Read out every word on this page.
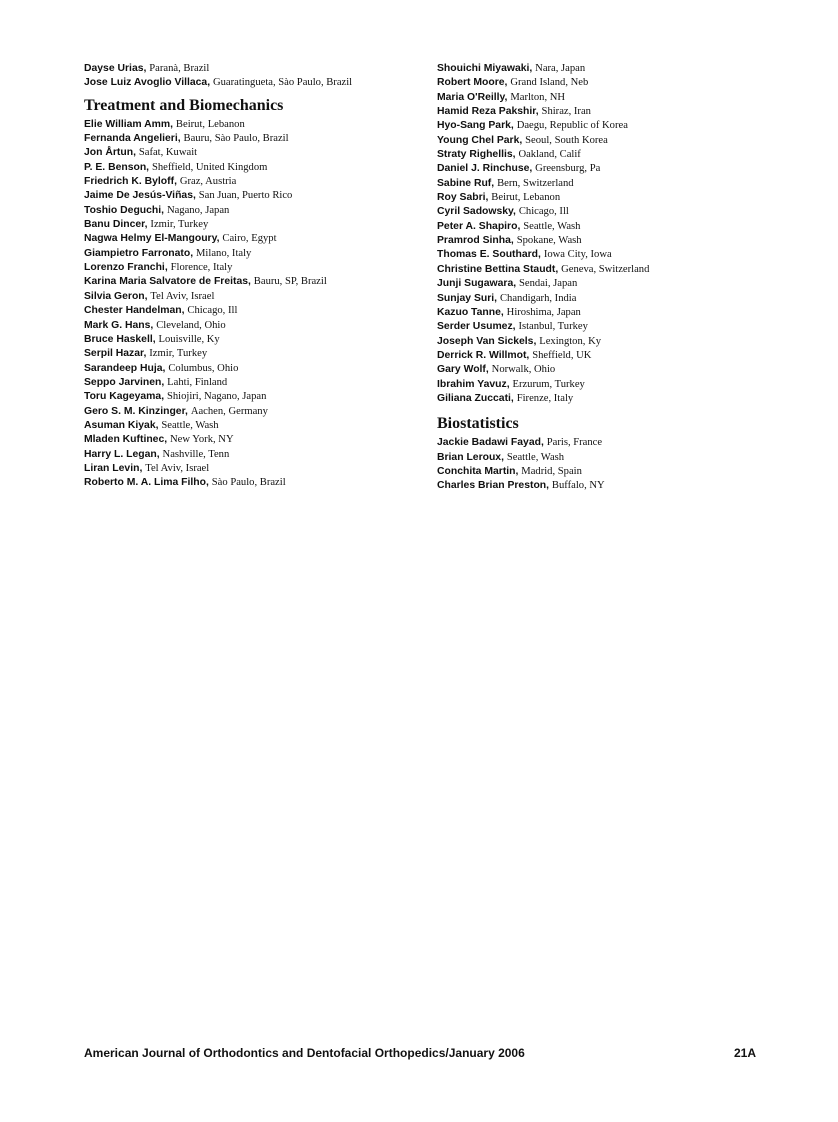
Dayse Urias, Paranà, Brazil
Jose Luiz Avoglio Villaca, Guaratingueta, Sào Paulo, Brazil
Treatment and Biomechanics
Elie William Amm, Beirut, Lebanon
Fernanda Angelieri, Bauru, Sào Paulo, Brazil
Jon Årtun, Safat, Kuwait
P. E. Benson, Sheffield, United Kingdom
Friedrich K. Byloff, Graz, Austria
Jaime De Jesús-Viñas, San Juan, Puerto Rico
Toshio Deguchi, Nagano, Japan
Banu Dincer, Izmir, Turkey
Nagwa Helmy El-Mangoury, Cairo, Egypt
Giampietro Farronato, Milano, Italy
Lorenzo Franchi, Florence, Italy
Karina Maria Salvatore de Freitas, Bauru, SP, Brazil
Silvia Geron, Tel Aviv, Israel
Chester Handelman, Chicago, Ill
Mark G. Hans, Cleveland, Ohio
Bruce Haskell, Louisville, Ky
Serpil Hazar, Izmir, Turkey
Sarandeep Huja, Columbus, Ohio
Seppo Jarvinen, Lahti, Finland
Toru Kageyama, Shiojiri, Nagano, Japan
Gero S. M. Kinzinger, Aachen, Germany
Asuman Kiyak, Seattle, Wash
Mladen Kuftinec, New York, NY
Harry L. Legan, Nashville, Tenn
Liran Levin, Tel Aviv, Israel
Roberto M. A. Lima Filho, Sào Paulo, Brazil
Shouichi Miyawaki, Nara, Japan
Robert Moore, Grand Island, Neb
Maria O'Reilly, Marlton, NH
Hamid Reza Pakshir, Shiraz, Iran
Hyo-Sang Park, Daegu, Republic of Korea
Young Chel Park, Seoul, South Korea
Straty Righellis, Oakland, Calif
Daniel J. Rinchuse, Greensburg, Pa
Sabine Ruf, Bern, Switzerland
Roy Sabri, Beirut, Lebanon
Cyril Sadowsky, Chicago, Ill
Peter A. Shapiro, Seattle, Wash
Pramrod Sinha, Spokane, Wash
Thomas E. Southard, Iowa City, Iowa
Christine Bettina Staudt, Geneva, Switzerland
Junji Sugawara, Sendai, Japan
Sunjay Suri, Chandigarh, India
Kazuo Tanne, Hiroshima, Japan
Serder Usumez, Istanbul, Turkey
Joseph Van Sickels, Lexington, Ky
Derrick R. Willmot, Sheffield, UK
Gary Wolf, Norwalk, Ohio
Ibrahim Yavuz, Erzurum, Turkey
Giliana Zuccati, Firenze, Italy
Biostatistics
Jackie Badawi Fayad, Paris, France
Brian Leroux, Seattle, Wash
Conchita Martin, Madrid, Spain
Charles Brian Preston, Buffalo, NY
American Journal of Orthodontics and Dentofacial Orthopedics/January 2006	21A
